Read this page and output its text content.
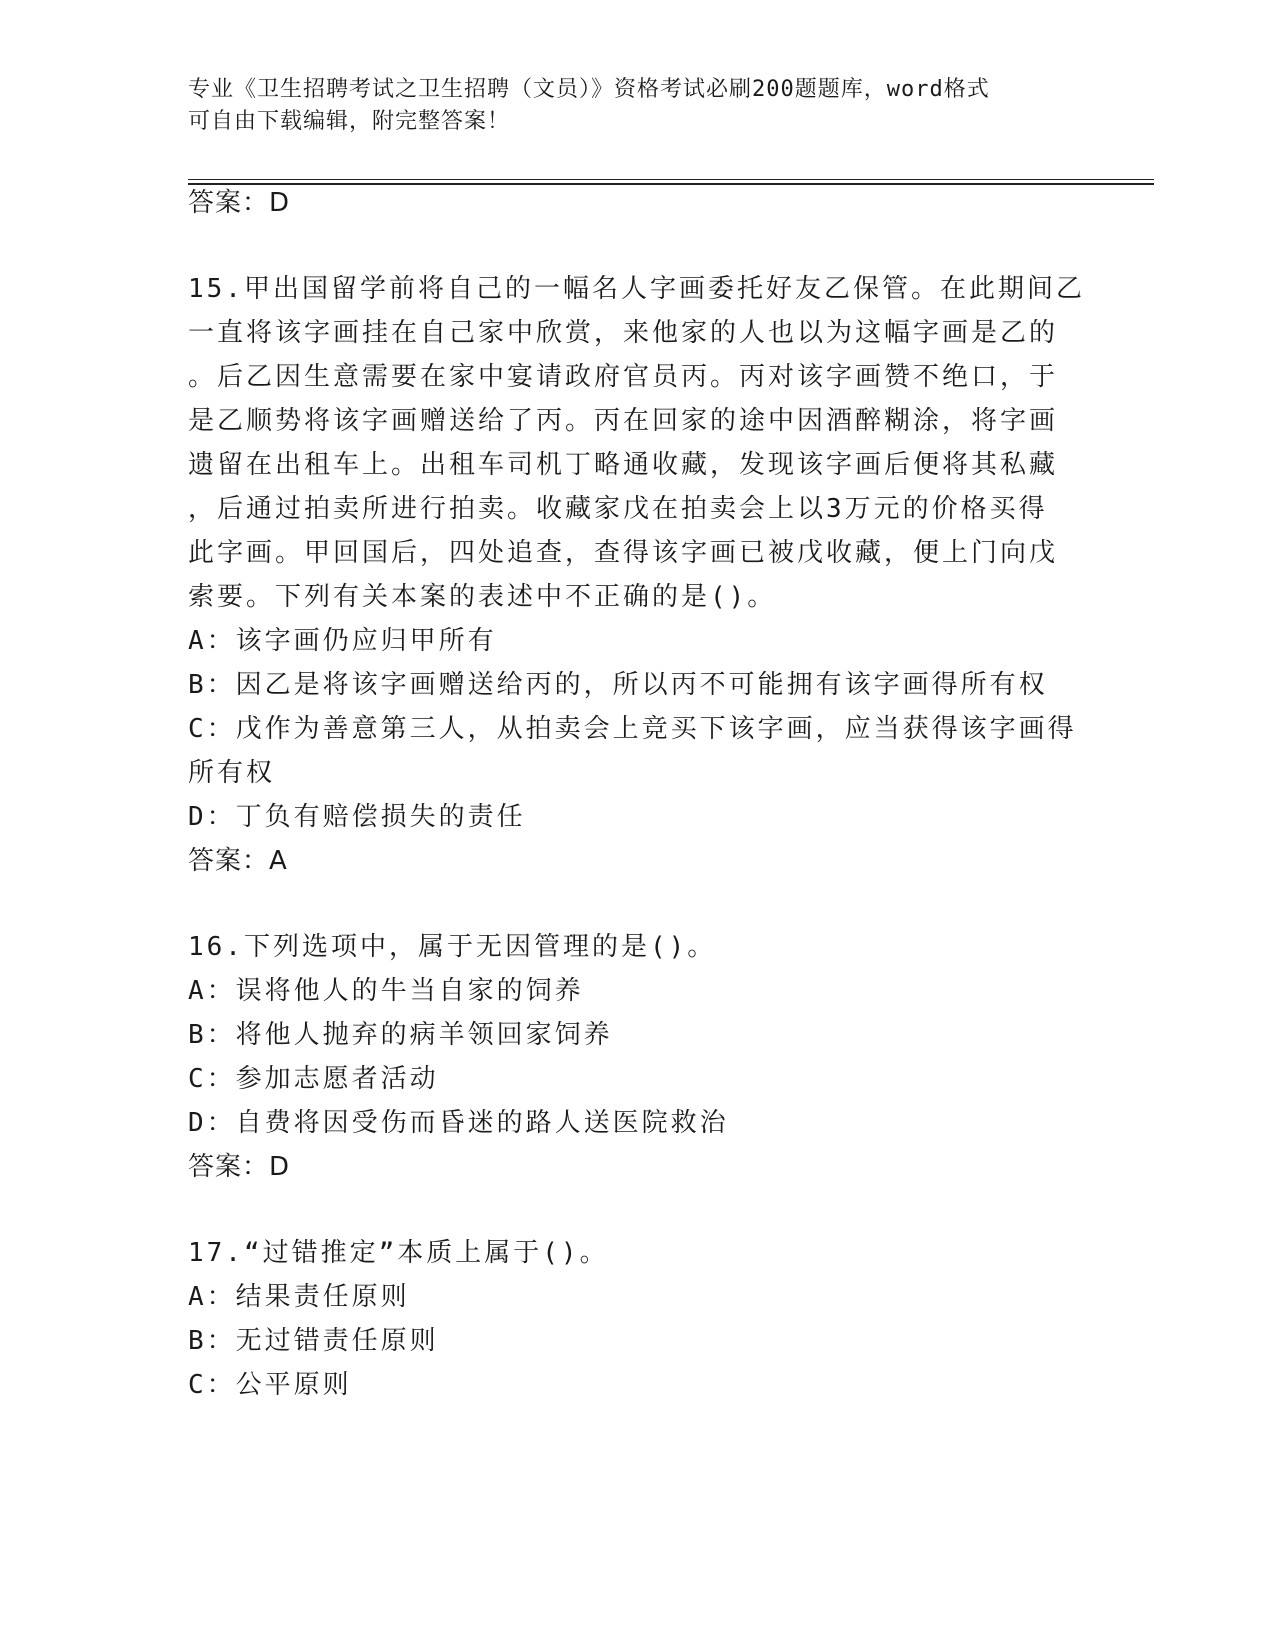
专业《卫生招聘考试之卫生招聘（文员）》资格考试必刷200题题库，word格式
可自由下载编辑，附完整答案！
答案：D
15.甲出国留学前将自己的一幅名人字画委托好友乙保管。在此期间乙
一直将该字画挂在自己家中欣赏，来他家的人也以为这幅字画是乙的
。后乙因生意需要在家中宴请政府官员丙。丙对该字画赞不绝口，于
是乙顺势将该字画赠送给了丙。丙在回家的途中因酒醉糊涂，将字画
遗留在出租车上。出租车司机丁略通收藏，发现该字画后便将其私藏
，后通过拍卖所进行拍卖。收藏家戊在拍卖会上以3万元的价格买得
此字画。甲回国后，四处追查，查得该字画已被戊收藏，便上门向戊
索要。下列有关本案的表述中不正确的是()。
A：该字画仍应归甲所有
B：因乙是将该字画赠送给丙的，所以丙不可能拥有该字画得所有权
C：戊作为善意第三人，从拍卖会上竞买下该字画，应当获得该字画得
所有权
D：丁负有赔偿损失的责任
答案：A
16.下列选项中，属于无因管理的是()。
A：误将他人的牛当自家的饲养
B：将他人抛弃的病羊领回家饲养
C：参加志愿者活动
D：自费将因受伤而昏迷的路人送医院救治
答案：D
17.“过错推定”本质上属于()。
A：结果责任原则
B：无过错责任原则
C：公平原则
